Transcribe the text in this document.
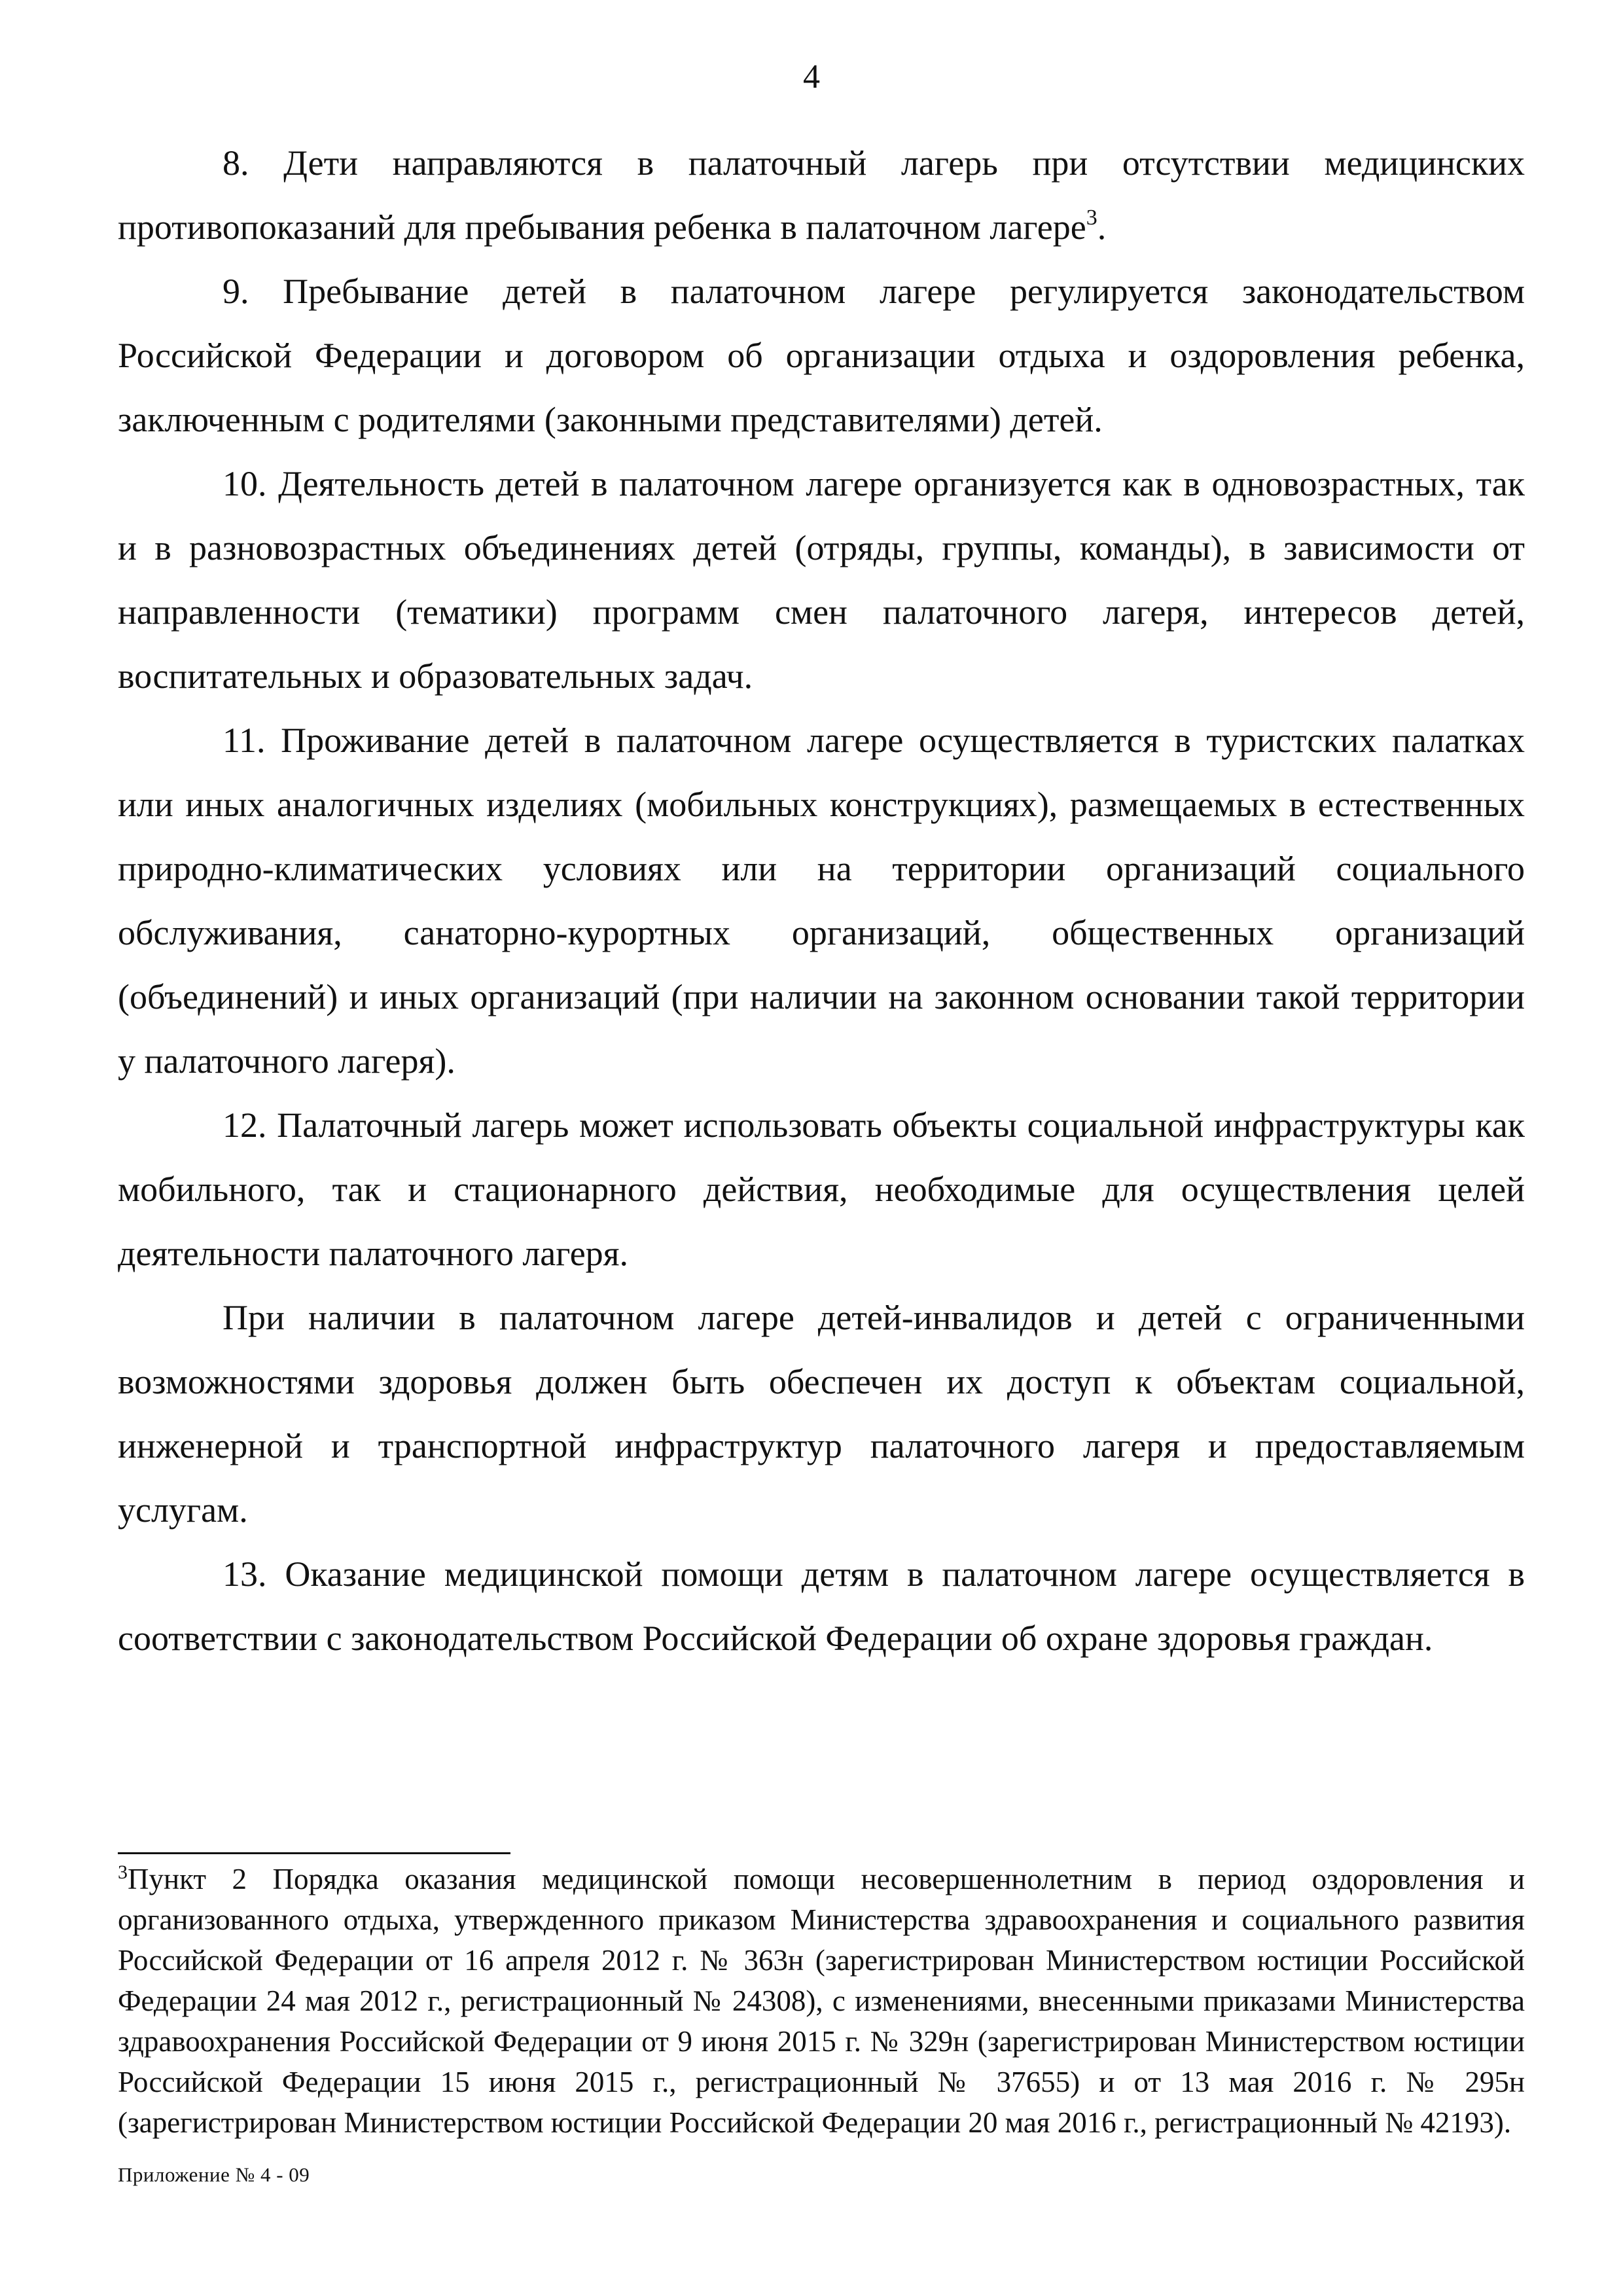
4

8. Дети направляются в палаточный лагерь при отсутствии медицинских противопоказаний для пребывания ребенка в палаточном лагере$^3$.

9. Пребывание детей в палаточном лагере регулируется законодательством Российской Федерации и договором об организации отдыха и оздоровления ребенка, заключенным с родителями (законными представителями) детей.

10. Деятельность детей в палаточном лагере организуется как в одновозрастных, так и в разновозрастных объединениях детей (отряды, группы, команды), в зависимости от направленности (тематики) программ смен палаточного лагеря, интересов детей, воспитательных и образовательных задач.

11. Проживание детей в палаточном лагере осуществляется в туристских палатках или иных аналогичных изделиях (мобильных конструкциях), размещаемых в естественных природно-климатических условиях или на территории организаций социального обслуживания, санаторно-курортных организаций, общественных организаций (объединений) и иных организаций (при наличии на законном основании такой территории у палаточного лагеря).

12. Палаточный лагерь может использовать объекты социальной инфраструктуры как мобильного, так и стационарного действия, необходимые для осуществления целей деятельности палаточного лагеря.

При наличии в палаточном лагере детей-инвалидов и детей с ограниченными возможностями здоровья должен быть обеспечен их доступ к объектам социальной, инженерной и транспортной инфраструктур палаточного лагеря и предоставляемым услугам.

13. Оказание медицинской помощи детям в палаточном лагере осуществляется в соответствии с законодательством Российской Федерации об охране здоровья граждан.

$^3$Пункт 2 Порядка оказания медицинской помощи несовершеннолетним в период оздоровления и организованного отдыха, утвержденного приказом Министерства здравоохранения и социального развития Российской Федерации от 16 апреля 2012 г. № 363н (зарегистрирован Министерством юстиции Российской Федерации 24 мая 2012 г., регистрационный № 24308), с изменениями, внесенными приказами Министерства здравоохранения Российской Федерации от 9 июня 2015 г. № 329н (зарегистрирован Министерством юстиции Российской Федерации 15 июня 2015 г., регистрационный № 37655) и от 13 мая 2016 г. № 295н (зарегистрирован Министерством юстиции Российской Федерации 20 мая 2016 г., регистрационный № 42193).

Приложение № 4 - 09
